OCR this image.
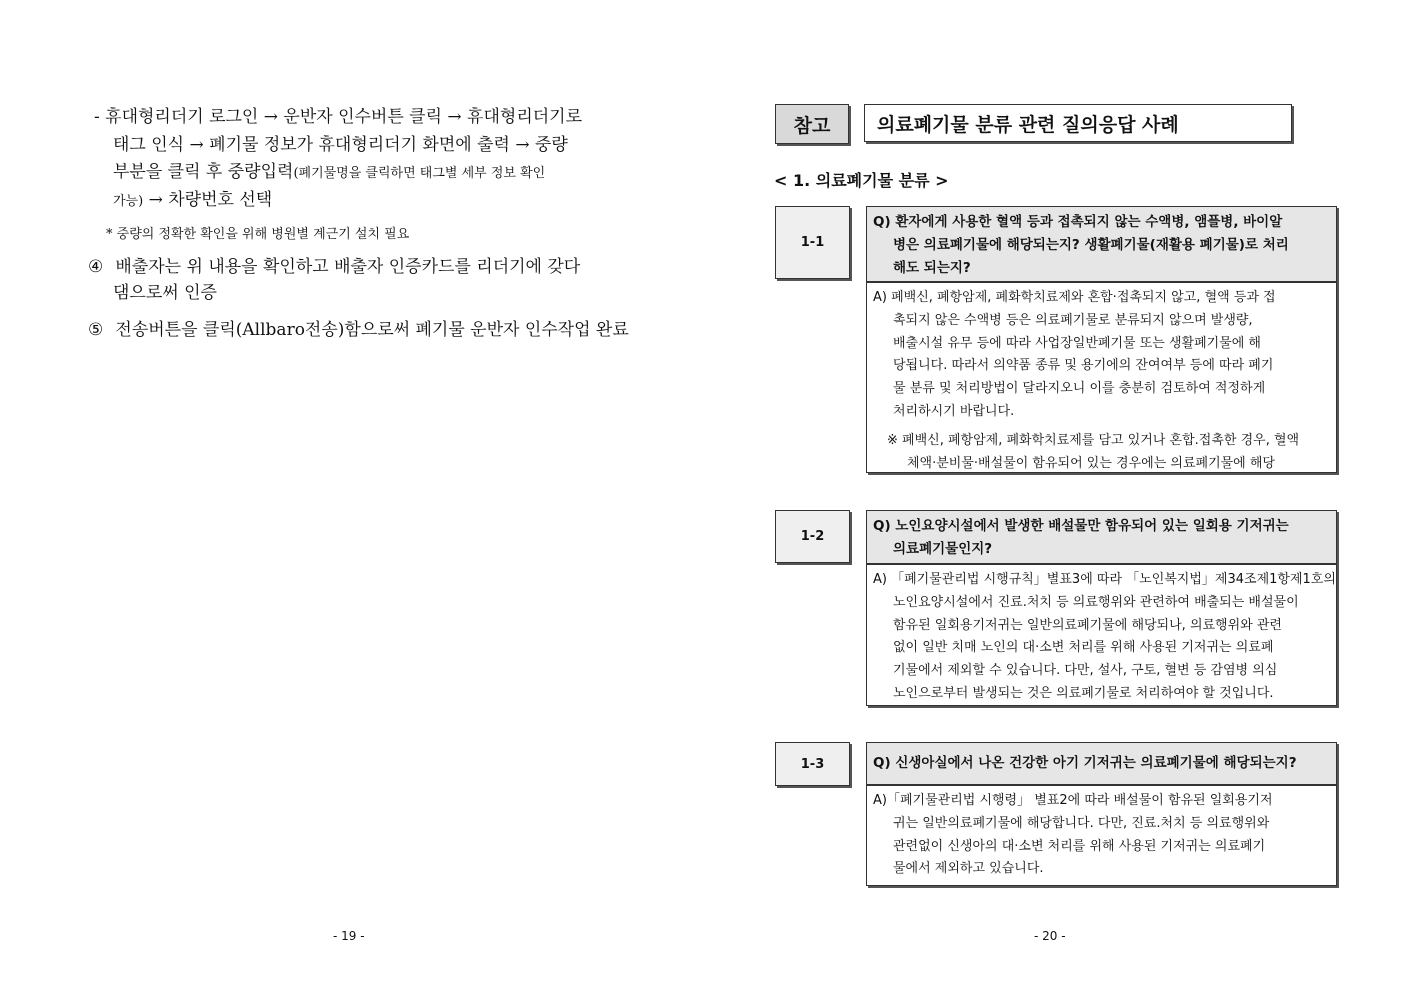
- 휴대형리더기 로그인 → 운반자 인수버튼 클릭 → 휴대형리더기로
태그 인식 → 폐기물 정보가 휴대형리더기 화면에 출력 → 중량
부분을 클릭 후 중량입력(폐기물명을 클릭하면 태그별 세부 정보 확인
가능) → 차량번호 선택
* 중량의 정확한 확인을 위해 병원별 계근기 설치 필요
④ 배출자는 위 내용을 확인하고 배출자 인증카드를 리더기에 갖다
댐으로써 인증
⑤ 전송버튼을 클릭(Allbaro전송)함으로써 폐기물 운반자 인수작업 완료
- 19 -
참고	의료폐기물 분류 관련 질의응답 사례
< 1. 의료폐기물 분류 >
1-1
Q) 환자에게 사용한 혈액 등과 접촉되지 않는 수액병, 앰플병, 바이알
병은 의료폐기물에 해당되는지? 생활폐기물(재활용 폐기물)로 처리
해도 되는지?
A) 폐백신, 폐항암제, 폐화학치료제와 혼합·접촉되지 않고, 혈액 등과 접
촉되지 않은 수액병 등은 의료폐기물로 분류되지 않으며 발생량,
배출시설 유무 등에 따라 사업장일반폐기물 또는 생활폐기물에 해
당됩니다. 따라서 의약품 종류 및 용기에의 잔여여부 등에 따라 폐기
물 분류 및 처리방법이 달라지오니 이를 충분히 검토하여 적정하게
처리하시기 바랍니다.
※ 폐백신, 폐항암제, 폐화학치료제를 담고 있거나 혼합.접촉한 경우, 혈액
체액·분비물·배설물이 함유되어 있는 경우에는 의료폐기물에 해당
1-2
Q) 노인요양시설에서 발생한 배설물만 함유되어 있는 일회용 기저귀는
의료폐기물인지?
A) 「폐기물관리법 시행규칙」별표3에 따라 「노인복지법」제34조제1항제1호의
노인요양시설에서 진료.처치 등 의료행위와 관련하여 배출되는 배설물이
함유된 일회용기저귀는 일반의료폐기물에 해당되나, 의료행위와 관련
없이 일반 치매 노인의 대·소변 처리를 위해 사용된 기저귀는 의료폐
기물에서 제외할 수 있습니다. 다만, 설사, 구토, 혈변 등 감염병 의심
노인으로부터 발생되는 것은 의료폐기물로 처리하여야 할 것입니다.
1-3	Q) 신생아실에서 나온 건강한 아기 기저귀는 의료폐기물에 해당되는지?
A)「폐기물관리법 시행령」 별표2에 따라 배설물이 함유된 일회용기저
귀는 일반의료폐기물에 해당합니다. 다만, 진료.처치 등 의료행위와
관련없이 신생아의 대·소변 처리를 위해 사용된 기저귀는 의료폐기
물에서 제외하고 있습니다.
- 20 -
